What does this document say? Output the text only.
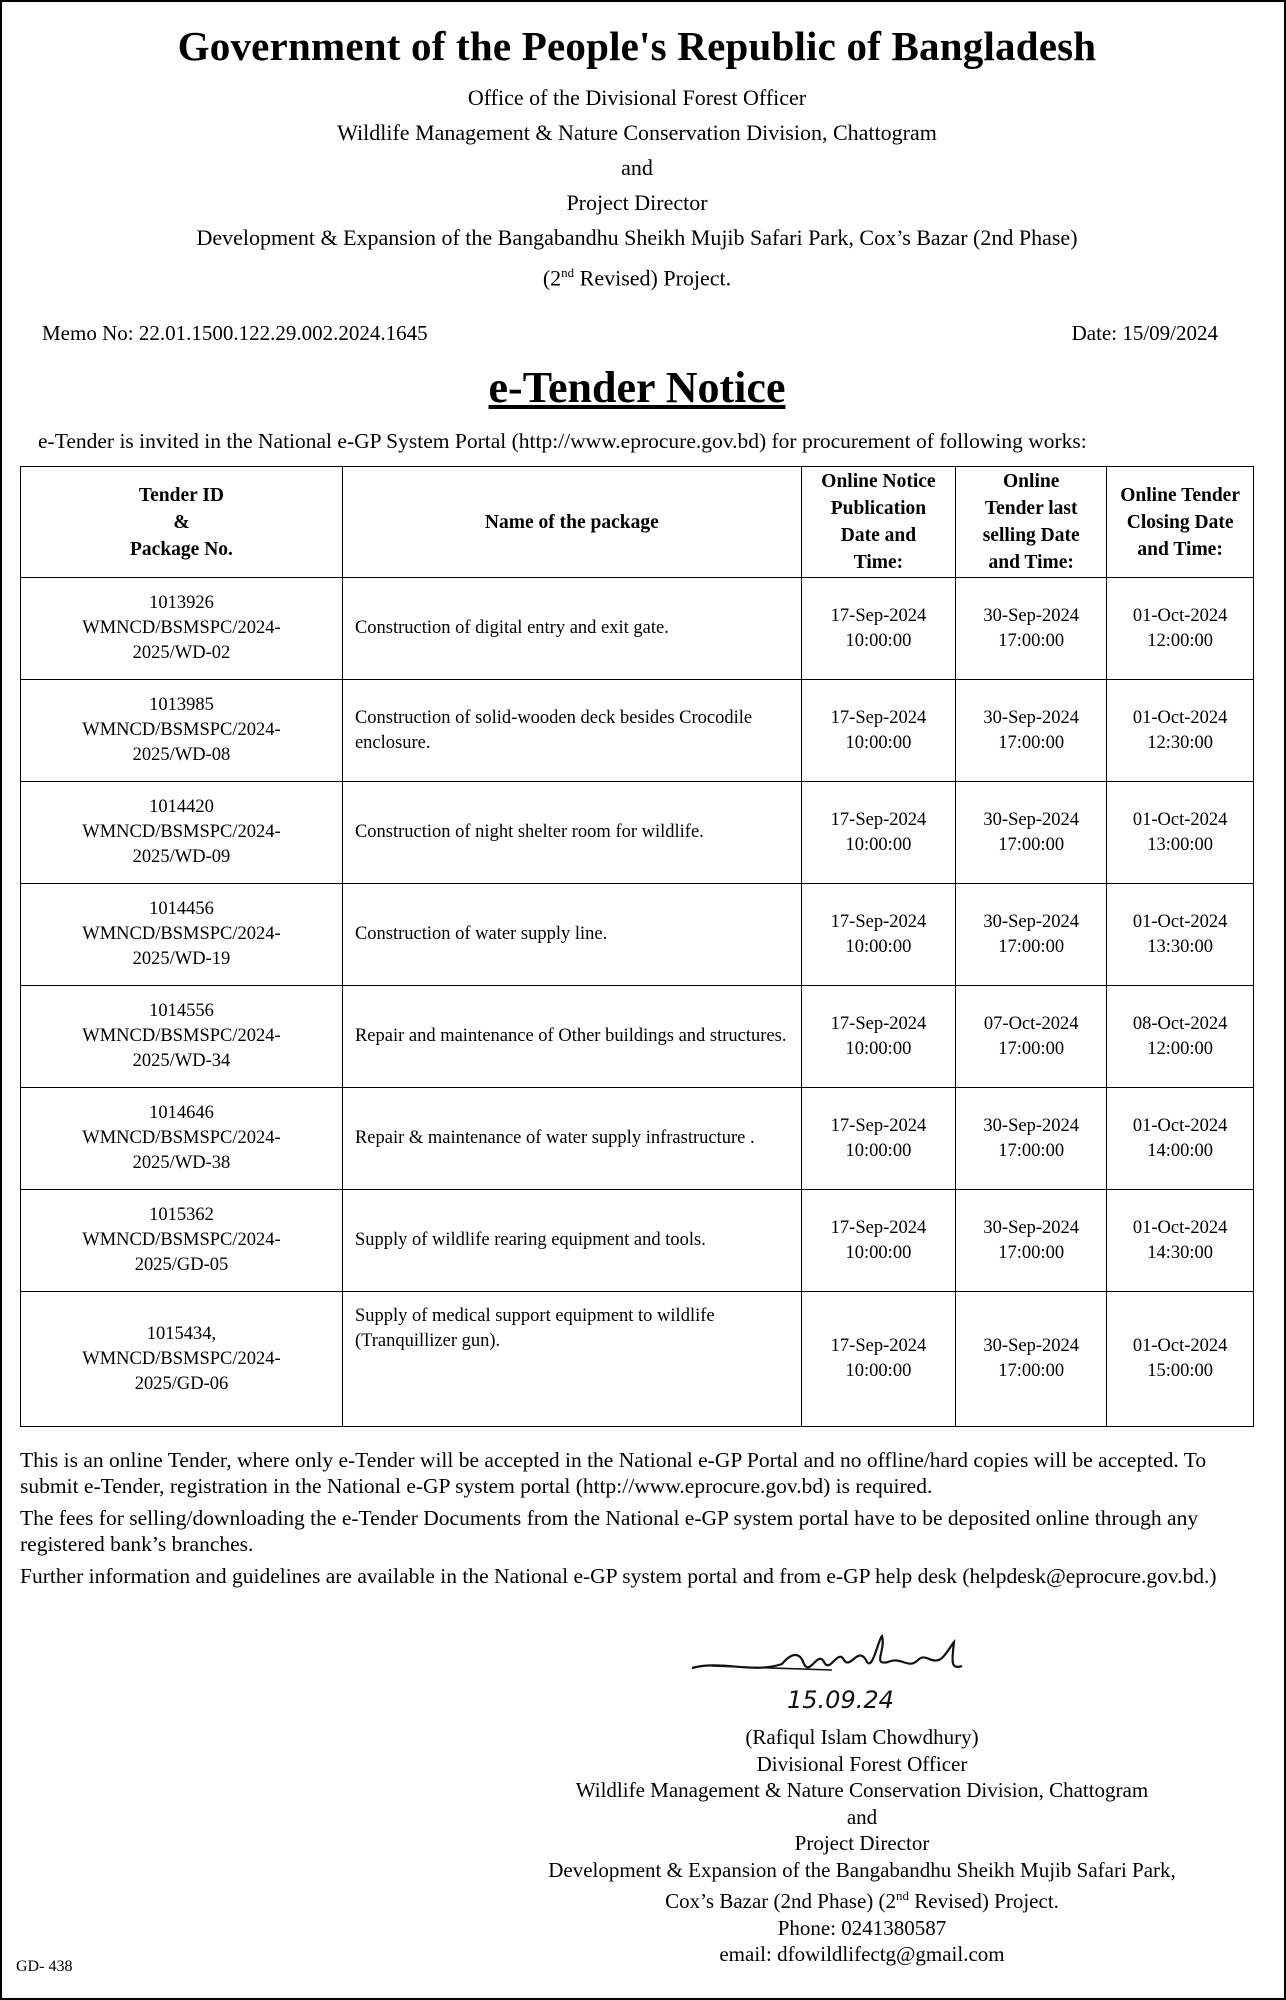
Government of the People's Republic of Bangladesh
Office of the Divisional Forest Officer
Wildlife Management & Nature Conservation Division, Chattogram
and
Project Director
Development & Expansion of the Bangabandhu Sheikh Mujib Safari Park, Cox’s Bazar (2nd Phase)
(2nd Revised) Project.
Memo No: 22.01.1500.122.29.002.2024.1645	Date: 15/09/2024
e-Tender Notice
e-Tender is invited in the National e-GP System Portal (http://www.eprocure.gov.bd) for procurement of following works:
Tender ID
&
Package No.	Name of the package	Online Notice
Publication
Date and
Time:	Online
Tender last
selling Date
and Time:	Online Tender
Closing Date
and Time:

1013926
WMNCD/BSMSPC/2024-
2025/WD-02	Construction of digital entry and exit gate.	17-Sep-2024
10:00:00	30-Sep-2024
17:00:00	01-Oct-2024
12:00:00

1013985
WMNCD/BSMSPC/2024-
2025/WD-08	Construction of solid-wooden deck besides Crocodile enclosure.	17-Sep-2024
10:00:00	30-Sep-2024
17:00:00	01-Oct-2024
12:30:00

1014420
WMNCD/BSMSPC/2024-
2025/WD-09	Construction of night shelter room for wildlife.	17-Sep-2024
10:00:00	30-Sep-2024
17:00:00	01-Oct-2024
13:00:00

1014456
WMNCD/BSMSPC/2024-
2025/WD-19	Construction of water supply line.	17-Sep-2024
10:00:00	30-Sep-2024
17:00:00	01-Oct-2024
13:30:00

1014556
WMNCD/BSMSPC/2024-
2025/WD-34	Repair and maintenance of Other buildings and structures.	17-Sep-2024
10:00:00	07-Oct-2024
17:00:00	08-Oct-2024
12:00:00

1014646
WMNCD/BSMSPC/2024-
2025/WD-38	Repair & maintenance of water supply infrastructure .	17-Sep-2024
10:00:00	30-Sep-2024
17:00:00	01-Oct-2024
14:00:00

1015362
WMNCD/BSMSPC/2024-
2025/GD-05	Supply of wildlife rearing equipment and tools.	17-Sep-2024
10:00:00	30-Sep-2024
17:00:00	01-Oct-2024
14:30:00

1015434,
WMNCD/BSMSPC/2024-
2025/GD-06	Supply of medical support equipment to wildlife (Tranquillizer gun).	17-Sep-2024
10:00:00	30-Sep-2024
17:00:00	01-Oct-2024
15:00:00

This is an online Tender, where only e-Tender will be accepted in the National e-GP Portal and no offline/hard copies will be accepted. To submit e-Tender, registration in the National e-GP system portal (http://www.eprocure.gov.bd) is required.

The fees for selling/downloading the e-Tender Documents from the National e-GP system portal have to be deposited online through any registered bank’s branches.

Further information and guidelines are available in the National e-GP system portal and from e-GP help desk (helpdesk@eprocure.gov.bd.)

15.09.24
(Rafiqul Islam Chowdhury)
Divisional Forest Officer
Wildlife Management & Nature Conservation Division, Chattogram
and
Project Director
Development & Expansion of the Bangabandhu Sheikh Mujib Safari Park,
Cox’s Bazar (2nd Phase) (2nd Revised) Project.
Phone: 0241380587
email: dfowildlifectg@gmail.com
GD- 438
